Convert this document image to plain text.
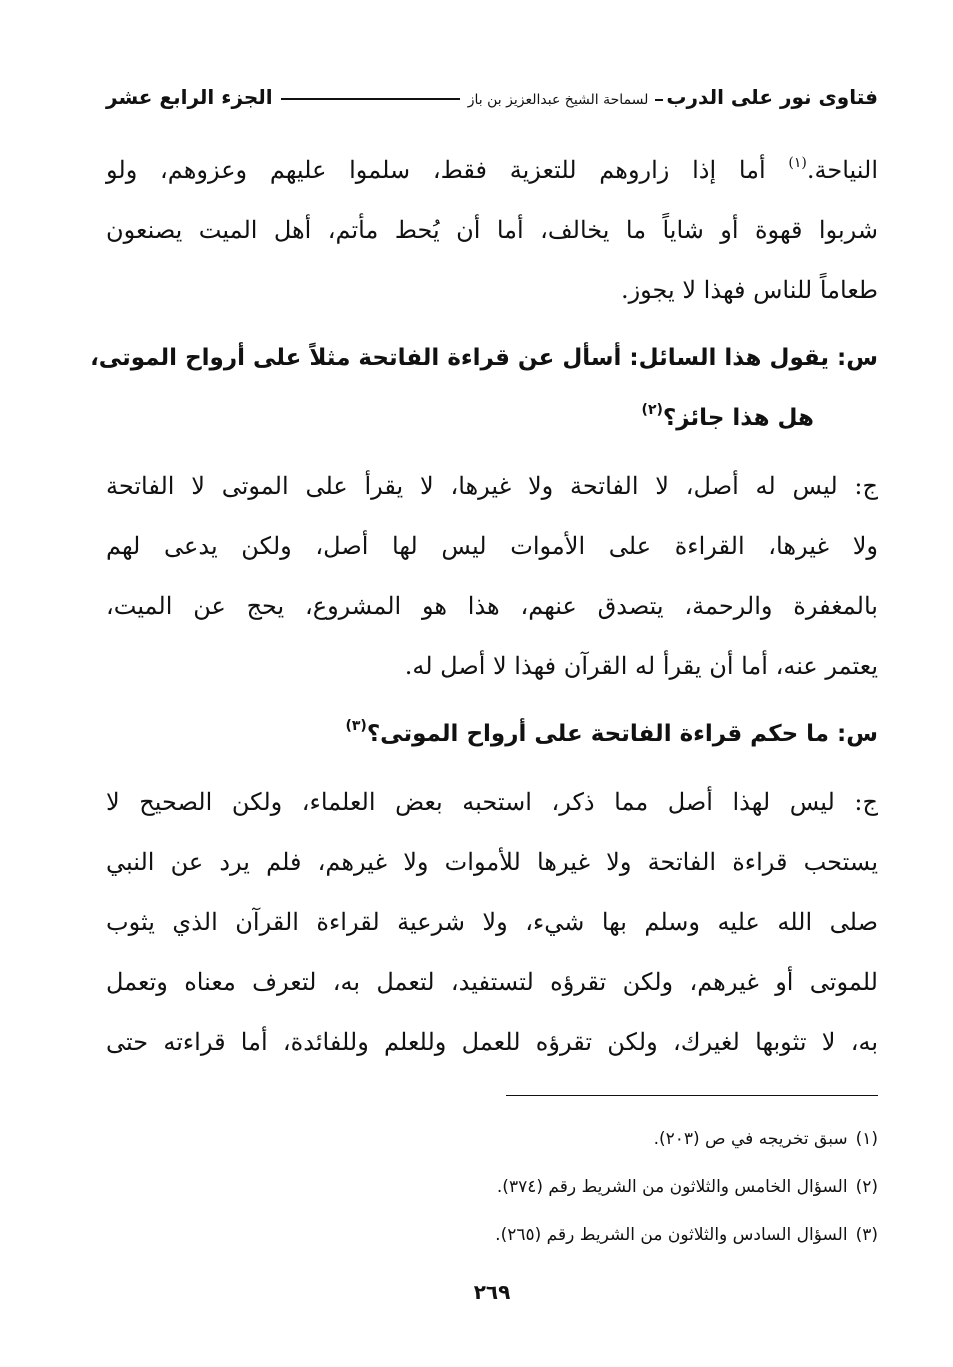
فتاوى نور على الدربلسماحة الشيخ عبدالعزيز بن باز
الجزء الرابع عشر
النياحة.$^{(١)}$ أما إذا زاروهم للتعزية فقط، سلموا عليهم وعزوهم، ولو
شربوا قهوة أو شاياً ما يخالف، أما أن يُحط مأتم، أهل الميت يصنعون
طعاماً للناس فهذا لا يجوز.
س: يقول هذا السائل: أسأل عن قراءة الفاتحة مثلاً على أرواح الموتى،
هل هذا جائز؟$^{(٢)}$
ج: ليس له أصل، لا الفاتحة ولا غيرها، لا يقرأ على الموتى لا الفاتحة
ولا غيرها، القراءة على الأموات ليس لها أصل، ولكن يدعى لهم
بالمغفرة والرحمة، يتصدق عنهم، هذا هو المشروع، يحج عن الميت،
يعتمر عنه، أما أن يقرأ له القرآن فهذا لا أصل له.
س: ما حكم قراءة الفاتحة على أرواح الموتى؟$^{(٣)}$
ج: ليس لهذا أصل مما ذكر، استحبه بعض العلماء، ولكن الصحيح لا
يستحب قراءة الفاتحة ولا غيرها للأموات ولا غيرهم، فلم يرد عن النبي
صلى الله عليه وسلم بها شيء، ولا شرعية لقراءة القرآن الذي يثوب
للموتى أو غيرهم، ولكن تقرؤه لتستفيد، لتعمل به، لتعرف معناه وتعمل
به، لا تثوبها لغيرك، ولكن تقرؤه للعمل وللعلم وللفائدة، أما قراءته حتى
(١)سبق تخريجه في ص (٢٠٣).
(٢)السؤال الخامس والثلاثون من الشريط رقم (٣٧٤).
(٣)السؤال السادس والثلاثون من الشريط رقم (٢٦٥).
٢٦٩
